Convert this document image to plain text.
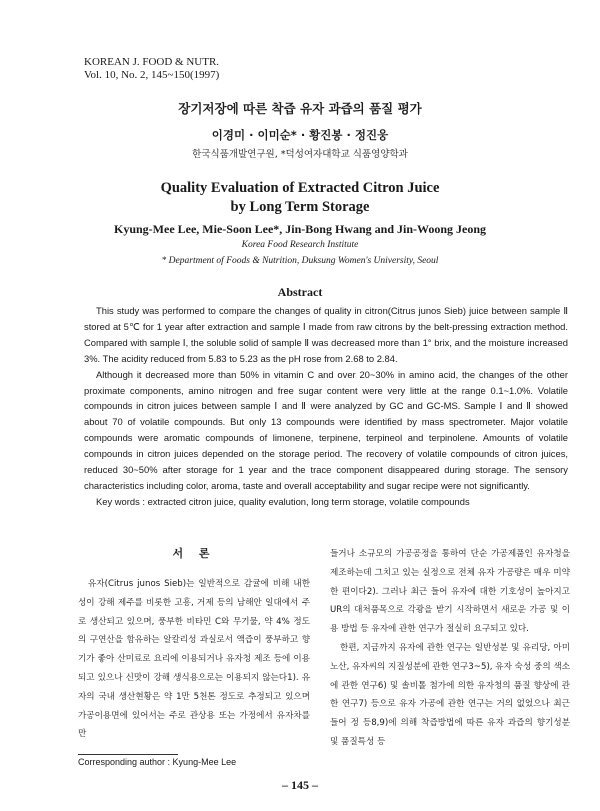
KOREAN J. FOOD & NUTR.
Vol. 10, No. 2, 145~150(1997)
장기저장에 따른 착즙 유자 과즙의 품질 평가
이경미 · 이미순* · 황진봉 · 정진웅
한국식품개발연구원, *덕성여자대학교 식품영양학과
Quality Evaluation of Extracted Citron Juice
by Long Term Storage
Kyung-Mee Lee, Mie-Soon Lee*, Jin-Bong Hwang and Jin-Woong Jeong
Korea Food Research Institute
* Department of Foods & Nutrition, Duksung Women's University, Seoul
Abstract

This study was performed to compare the changes of quality in citron(Citrus junos Sieb) juice between sample Ⅱ stored at 5℃ for 1 year after extraction and sample Ⅰ made from raw citrons by the belt-pressing extraction method. Compared with sample Ⅰ, the soluble solid of sample Ⅱ was decreased more than 1° brix, and the moisture increased 3%. The acidity reduced from 5.83 to 5.23 as the pH rose from 2.68 to 2.84.

Although it decreased more than 50% in vitamin C and over 20~30% in amino acid, the changes of the other proximate components, amino nitrogen and free sugar content were very little at the range 0.1~1.0%. Volatile compounds in citron juices between sample Ⅰ and Ⅱ were analyzed by GC and GC-MS. Sample Ⅰ and Ⅱ showed about 70 of volatile compounds. But only 13 compounds were identified by mass spectrometer. Major volatile compounds were aromatic compounds of limonene, terpinene, terpineol and terpinolene. Amounts of volatile compounds in citron juices depended on the storage period. The recovery of volatile compounds of citron juices, reduced 30~50% after storage for 1 year and the trace component disappeared during storage. The sensory characteristics including color, aroma, taste and overall acceptability and sugar recipe were not significantly.

Key words : extracted citron juice, quality evalution, long term storage, volatile compounds

서 론

유자(Citrus junos Sieb)는 일반적으로 감귤에 비해 내한성이 강해 제주를 비롯한 고흥, 거제 등의 남해안 일대에서 주로 생산되고 있으며, 풍부한 비타민 C와 무기물, 약 4% 정도의 구연산을 함유하는 알칼리성 과실로서 액즙이 풍부하고 향기가 좋아 산미료로 요리에 이용되거나 유자청 제조 등에 이용되고 있으나 신맛이 강해 생식용으로는 이용되지 않는다1). 유자의 국내 생산현황은 약 1만 5천톤 정도로 추정되고 있으며 가공이용면에 있어서는 주로 관상용 또는 가정에서 유자차를 만

들거나 소규모의 가공공정을 통하여 단순 가공제품인 유자청을 제조하는데 그치고 있는 실정으로 전체 유자 가공량은 매우 미약한 편이다2). 그러나 최근 들어 유자에 대한 기호성이 높아지고 UR의 대처품목으로 각광을 받기 시작하면서 새로운 가공 및 이용 방법 등 유자에 관한 연구가 절실히 요구되고 있다.

한편, 지금까지 유자에 관한 연구는 일반성분 및 유리당, 아미노산, 유자씨의 지질성분에 관한 연구3~5), 유자 숙성 중의 색소에 관한 연구6) 및 솔비톨 첨가에 의한 유자청의 품질 향상에 관한 연구7) 등으로 유자 가공에 관한 연구는 거의 없었으나 최근 들어 정 등8,9)에 의해 착즙방법에 따른 유자 과즙의 향기성분 및 품질특성 등

Corresponding author : Kyung-Mee Lee
– 145 –
